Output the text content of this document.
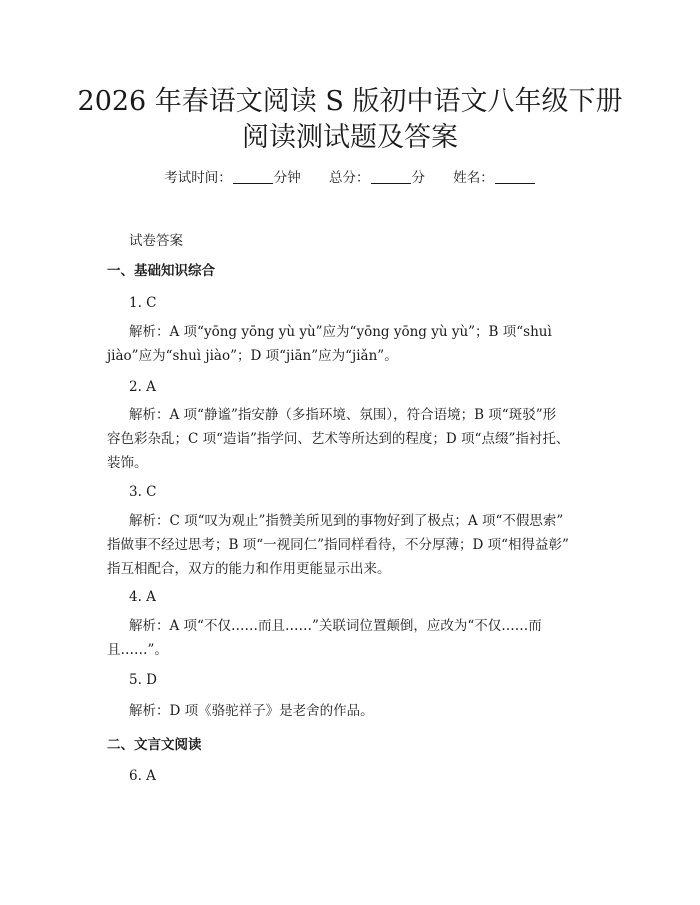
2026 年春语文阅读 S 版初中语文八年级下册
阅读测试题及答案
考试时间：	分钟 总分：	分 姓名：

试卷答案

一、基础知识综合

1. C

解析：A 项“yōng yōng yù yù”应为“yōng yōng yù yù”；B 项“shuì
jiào”应为“shuì jiào”；D 项“jiān”应为“jiǎn”。

2. A

解析：A 项“静谧”指安静（多指环境、氛围），符合语境；B 项“斑驳”形
容色彩杂乱；C 项“造诣”指学问、艺术等所达到的程度；D 项“点缀”指衬托、
装饰。

3. C

解析：C 项“叹为观止”指赞美所见到的事物好到了极点；A 项“不假思索”
指做事不经过思考；B 项“一视同仁”指同样看待，不分厚薄；D 项“相得益彰”
指互相配合，双方的能力和作用更能显示出来。

4. A

解析：A 项“不仅……而且……”关联词位置颠倒，应改为“不仅……而
且……”。

5. D

解析：D 项《骆驼祥子》是老舍的作品。

二、文言文阅读

6. A
